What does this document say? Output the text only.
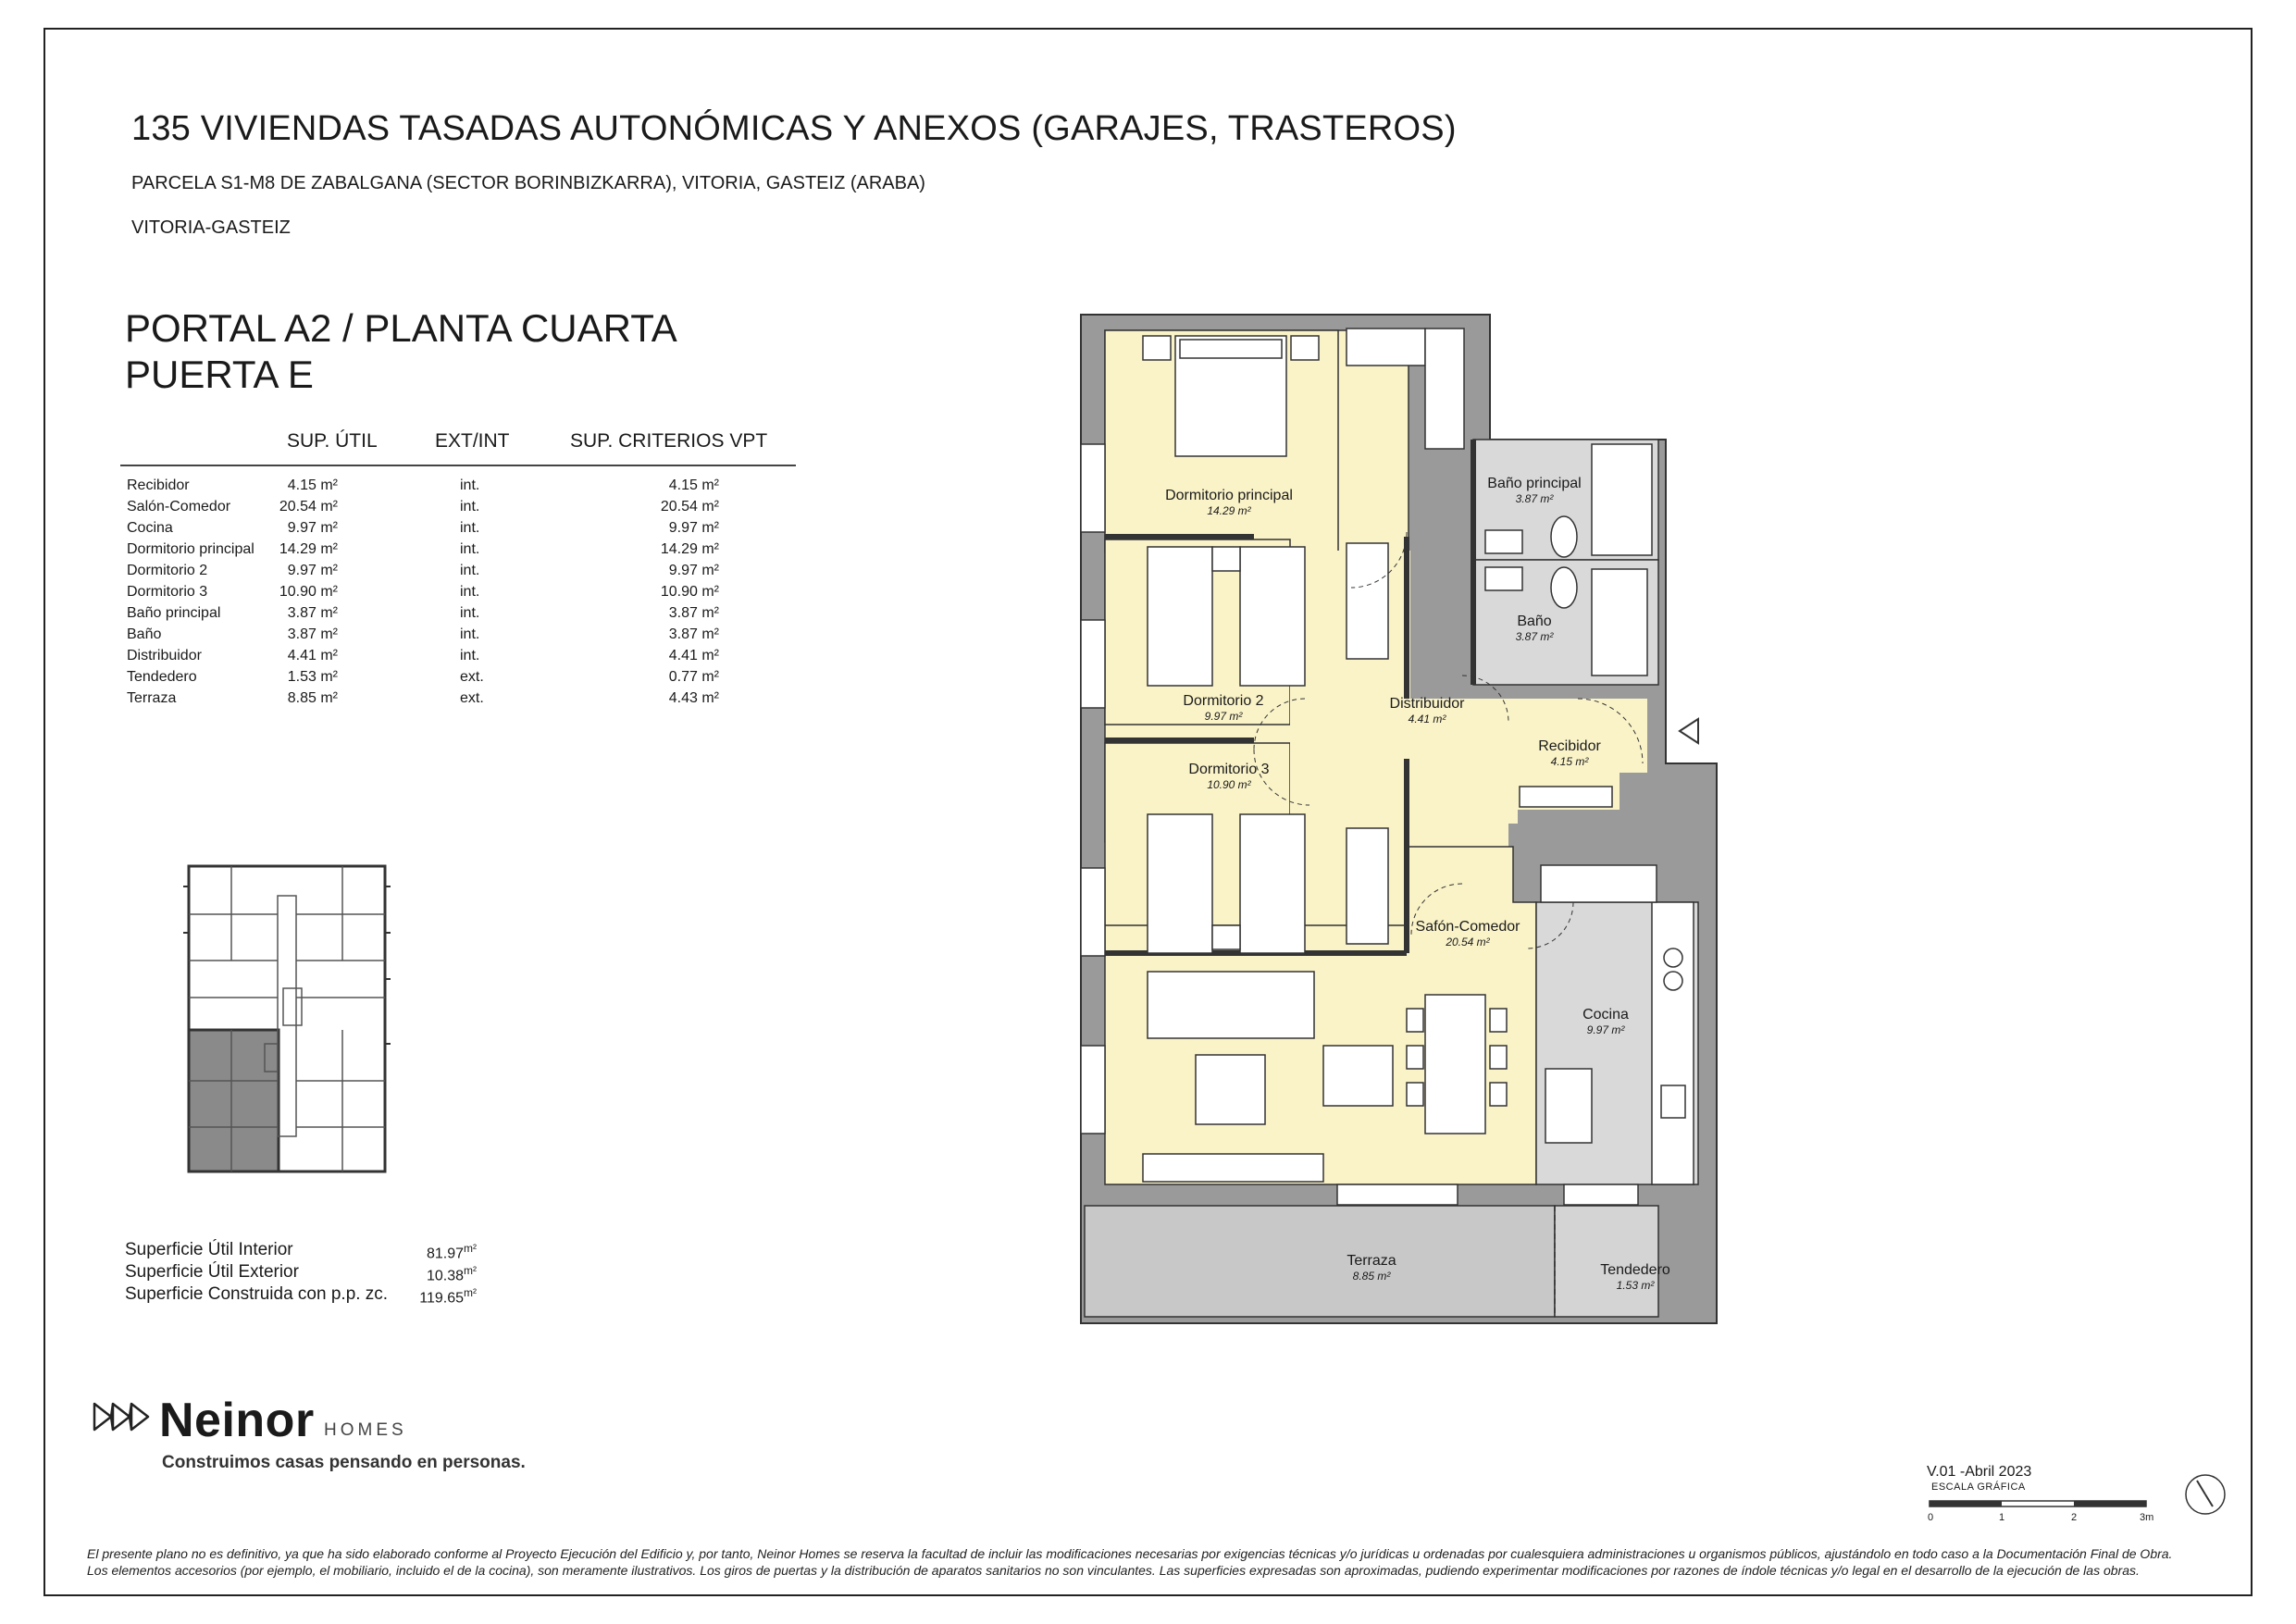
135 VIVIENDAS TASADAS AUTONÓMICAS Y ANEXOS (GARAJES, TRASTEROS)
PARCELA S1-M8 DE ZABALGANA (SECTOR BORINBIZKARRA), VITORIA, GASTEIZ (ARABA)
VITORIA-GASTEIZ
PORTAL A2 / PLANTA CUARTA
PUERTA E
SUP. ÚTIL	EXT/INT	SUP. CRITERIOS VPT
Recibidor	4.15 m²	int.	4.15 m²
Salón-Comedor	20.54 m²	int.	20.54 m²
Cocina	9.97 m²	int.	9.97 m²
Dormitorio principal 14.29 m²	int.	14.29 m²
Dormitorio 2	9.97 m²	int.	9.97 m²
Dormitorio 3	10.90 m²	int.	10.90 m²
Baño principal	3.87 m²	int.	3.87 m²
Baño	3.87 m²	int.	3.87 m²
Distribuidor	4.41 m²	int.	4.41 m²
Tendedero	1.53 m²	ext.	0.77 m²
Terraza	8.85 m²	ext.	4.43 m²
Superficie Útil Interior	$81.97^{m^2}$
Superficie Útil Exterior	$10.38^{m^2}$
Superficie Construida con p.p. zc. $119.65^{m^2}$
Neinor HOMES
Construimos casas pensando en personas.
Dormitorio principal
14.29 m²
Baño principal
3.87 m²
Baño
3.87 m²
Dormitorio 2
9.97 m²
Distribuidor
4.41 m²
Recibidor
4.15 m²
Dormitorio 3
10.90 m²
Safón-Comedor
20.54 m²
Cocina
9.97 m²
Terraza
8.85 m²	Tendedero
1.53 m²
V.01 -Abril 2023
ESCALA GRÁFICA
0	1	2	3m
El presente plano no es definitivo, ya que ha sido elaborado conforme al Proyecto Ejecución del Edificio y, por tanto, Neinor Homes se reserva la facultad de incluir las modificaciones necesarias por exigencias técnicas y/o jurídicas u ordenadas por cualesquiera administraciones u organismos públicos, ajustándolo en todo caso a la Documentación Final de Obra.
Los elementos accesorios (por ejemplo, el mobiliario, incluido el de la cocina), son meramente ilustrativos. Los giros de puertas y la distribución de aparatos sanitarios no son vinculantes. Las superficies expresadas son aproximadas, pudiendo experimentar modificaciones por razones de índole técnicas y/o legal en el desarrollo de la ejecución de las obras.
